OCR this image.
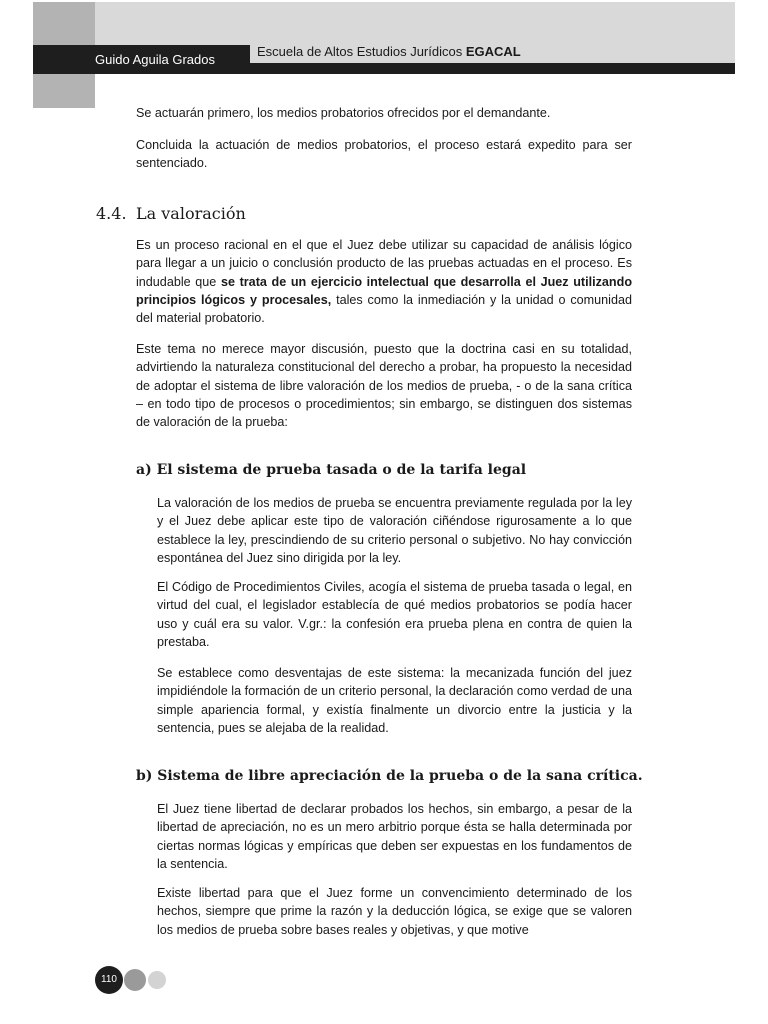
Guido Aguila Grados
Escuela de Altos Estudios Jurídicos EGACAL

Se actuarán primero, los medios probatorios ofrecidos por el demandante.

Concluida la actuación de medios probatorios, el proceso estará expedito para ser sentenciado.

4.4. La valoración

Es un proceso racional en el que el Juez debe utilizar su capacidad de análisis lógico para llegar a un juicio o conclusión producto de las pruebas actuadas en el proceso. Es indudable que se trata de un ejercicio intelectual que desarrolla el Juez utilizando principios lógicos y procesales, tales como la inmediación y la unidad o comunidad del material probatorio.

Este tema no merece mayor discusión, puesto que la doctrina casi en su totalidad, advirtiendo la naturaleza constitucional del derecho a probar, ha propuesto la necesidad de adoptar el sistema de libre valoración de los medios de prueba, - o de la sana crítica – en todo tipo de procesos o procedimientos; sin embargo, se distinguen dos sistemas de valoración de la prueba:

a) El sistema de prueba tasada o de la tarifa legal

La valoración de los medios de prueba se encuentra previamente regulada por la ley y el Juez debe aplicar este tipo de valoración ciñéndose rigurosamente a lo que establece la ley, prescindiendo de su criterio personal o subjetivo. No hay convicción espontánea del Juez sino dirigida por la ley.

El Código de Procedimientos Civiles, acogía el sistema de prueba tasada o legal, en virtud del cual, el legislador establecía de qué medios probatorios se podía hacer uso y cuál era su valor. V.gr.: la confesión era prueba plena en contra de quien la prestaba.

Se establece como desventajas de este sistema: la mecanizada función del juez impidiéndole la formación de un criterio personal, la declaración como verdad de una simple apariencia formal, y existía finalmente un divorcio entre la justicia y la sentencia, pues se alejaba de la realidad.

b) Sistema de libre apreciación de la prueba o de la sana crítica.

El Juez tiene libertad de declarar probados los hechos, sin embargo, a pesar de la libertad de apreciación, no es un mero arbitrio porque ésta se halla determinada por ciertas normas lógicas y empíricas que deben ser expuestas en los fundamentos de la sentencia.

Existe libertad para que el Juez forme un convencimiento determinado de los hechos, siempre que prime la razón y la deducción lógica, se exige que se valoren los medios de prueba sobre bases reales y objetivas, y que motive

110
